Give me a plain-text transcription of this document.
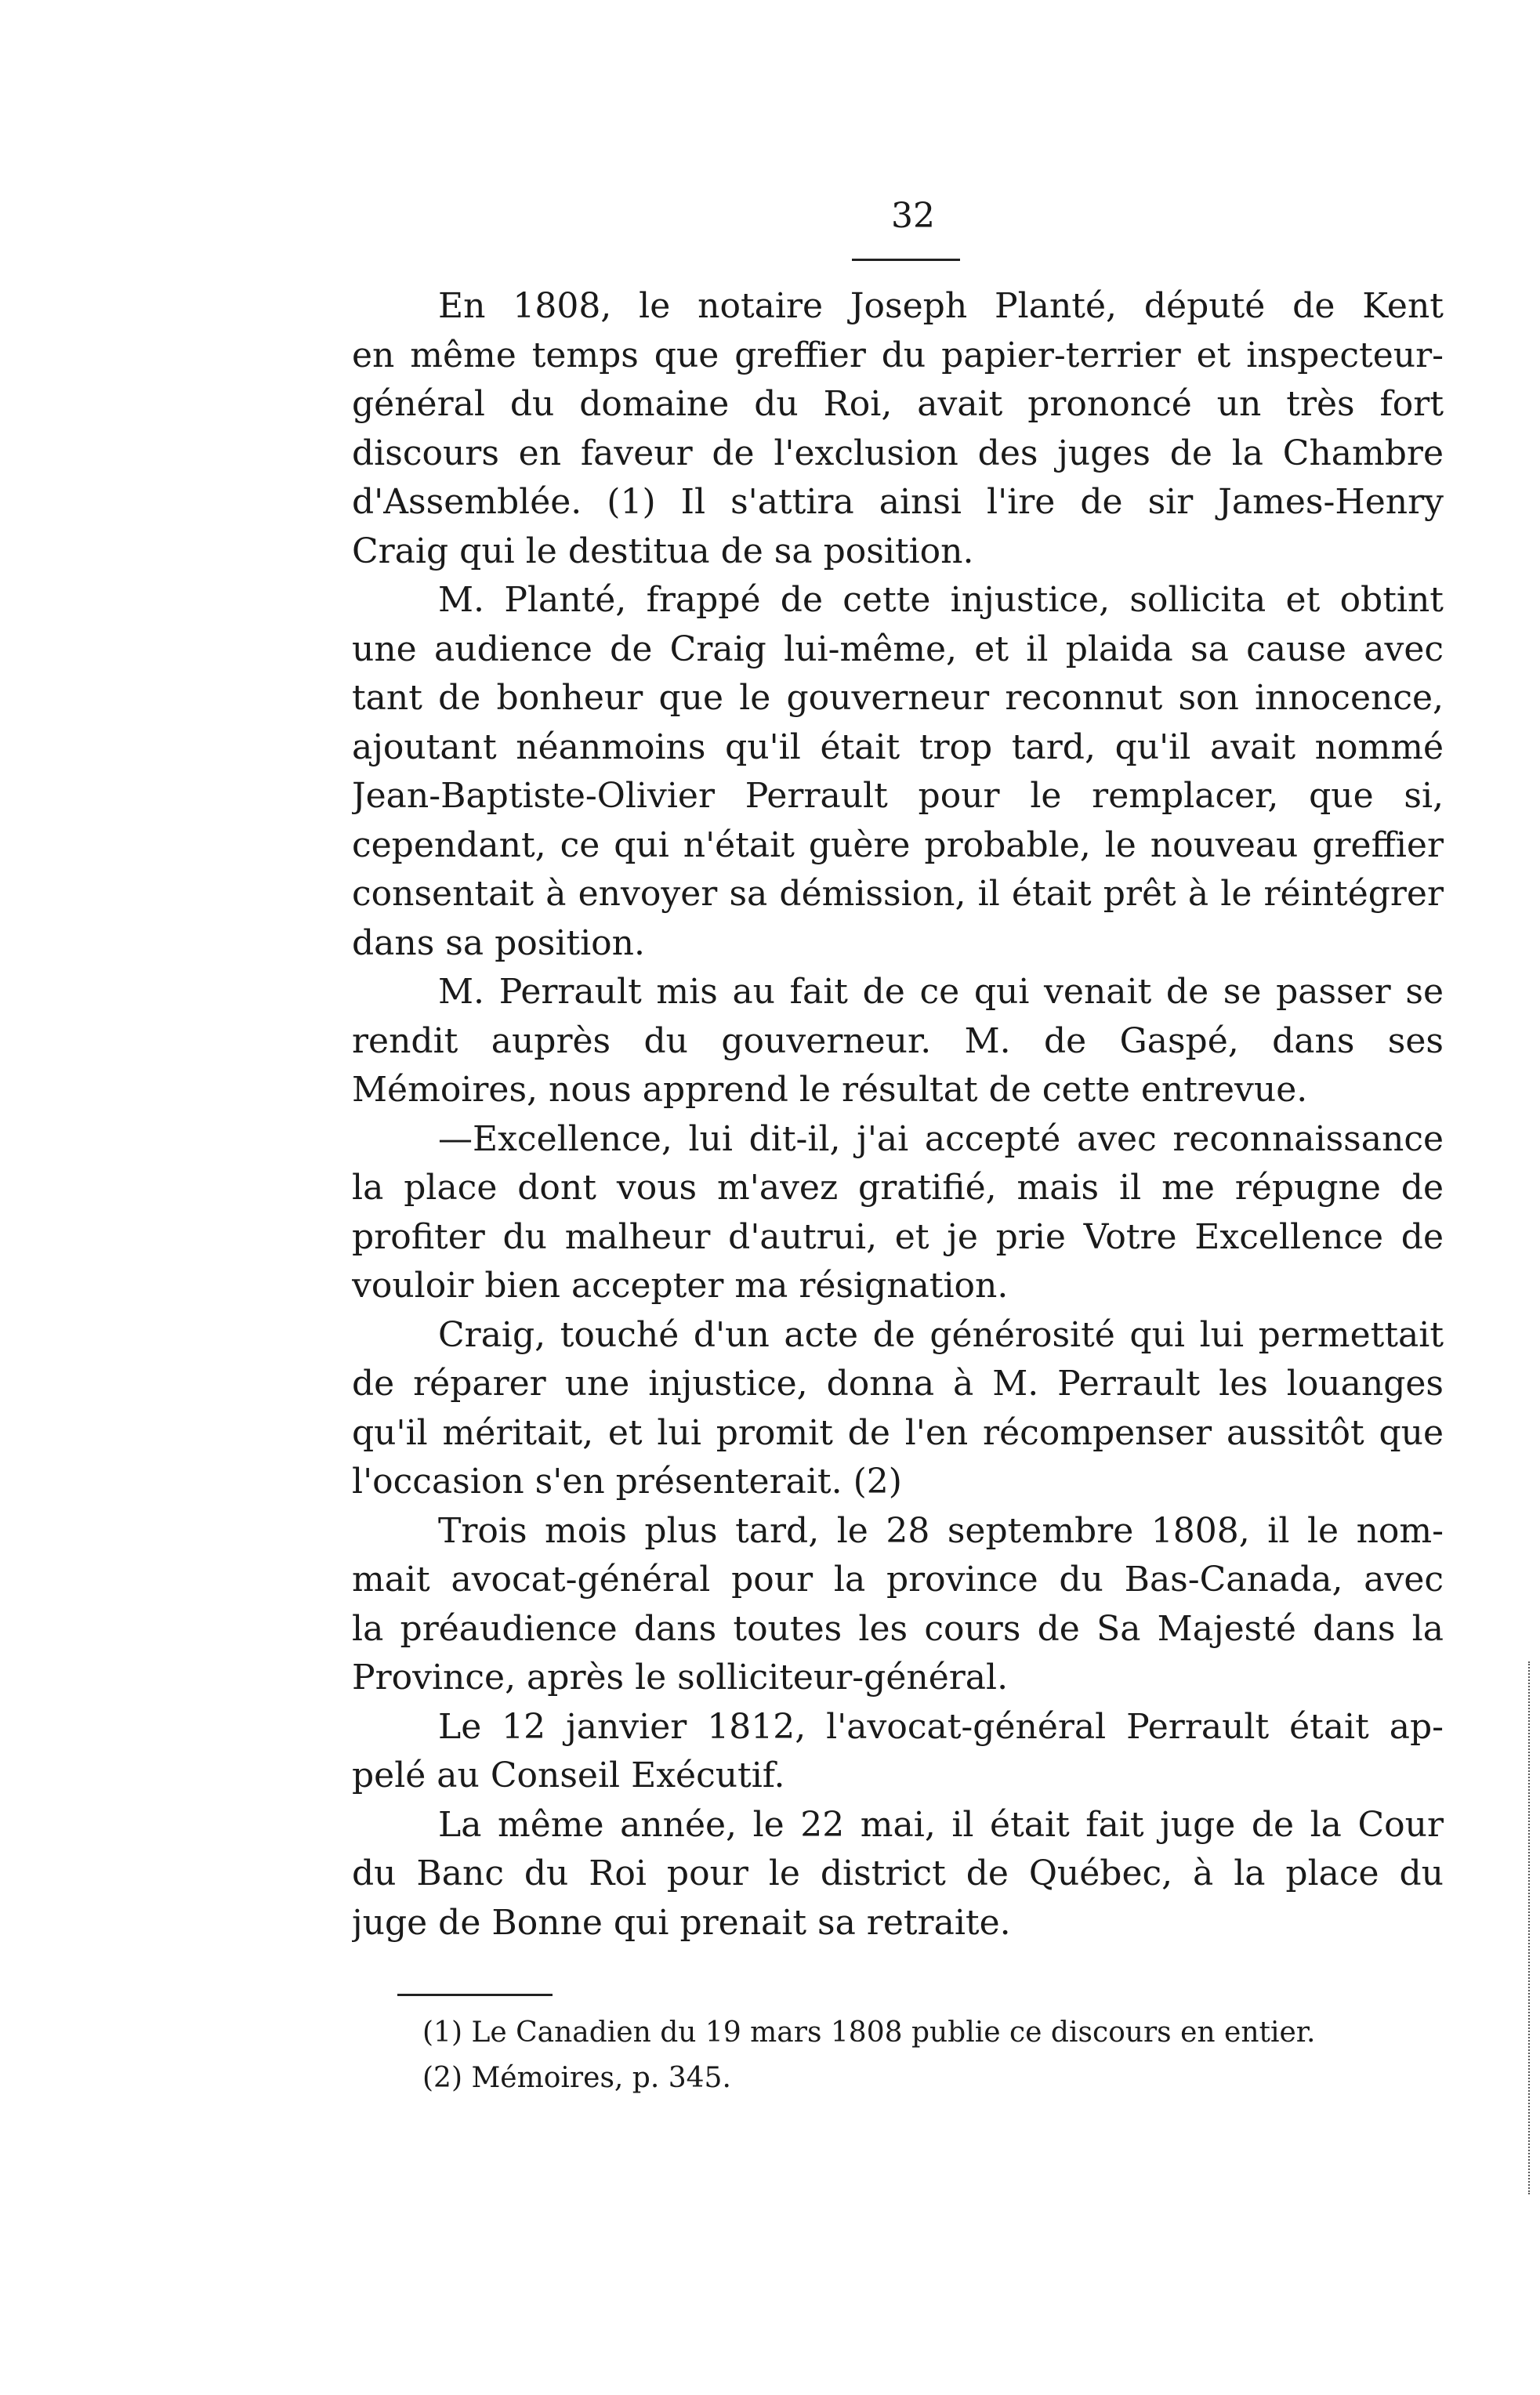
32
En 1808, le notaire Joseph Planté, député de Kent
en même temps que greffier du papier-terrier et inspecteur-
général du domaine du Roi, avait prononcé un très fort
discours en faveur de l'exclusion des juges de la Chambre
d'Assemblée. (1) Il s'attira ainsi l'ire de sir James-Henry
Craig qui le destitua de sa position.
M. Planté, frappé de cette injustice, sollicita et obtint
une audience de Craig lui-même, et il plaida sa cause avec
tant de bonheur que le gouverneur reconnut son innocence,
ajoutant néanmoins qu'il était trop tard, qu'il avait nommé
Jean-Baptiste-Olivier Perrault pour le remplacer, que si,
cependant, ce qui n'était guère probable, le nouveau greffier
consentait à envoyer sa démission, il était prêt à le réintégrer
dans sa position.
M. Perrault mis au fait de ce qui venait de se passer se
rendit auprès du gouverneur. M. de Gaspé, dans ses
Mémoires, nous apprend le résultat de cette entrevue.
—Excellence, lui dit-il, j'ai accepté avec reconnaissance
la place dont vous m'avez gratifié, mais il me répugne de
profiter du malheur d'autrui, et je prie Votre Excellence de
vouloir bien accepter ma résignation.
Craig, touché d'un acte de générosité qui lui permettait
de réparer une injustice, donna à M. Perrault les louanges
qu'il méritait, et lui promit de l'en récompenser aussitôt que
l'occasion s'en présenterait. (2)
Trois mois plus tard, le 28 septembre 1808, il le nom-
mait avocat-général pour la province du Bas-Canada, avec
la préaudience dans toutes les cours de Sa Majesté dans la
Province, après le solliciteur-général.
Le 12 janvier 1812, l'avocat-général Perrault était ap-
pelé au Conseil Exécutif.
La même année, le 22 mai, il était fait juge de la Cour
du Banc du Roi pour le district de Québec, à la place du
juge de Bonne qui prenait sa retraite.
(1) Le Canadien du 19 mars 1808 publie ce discours en entier.
(2) Mémoires, p. 345.
